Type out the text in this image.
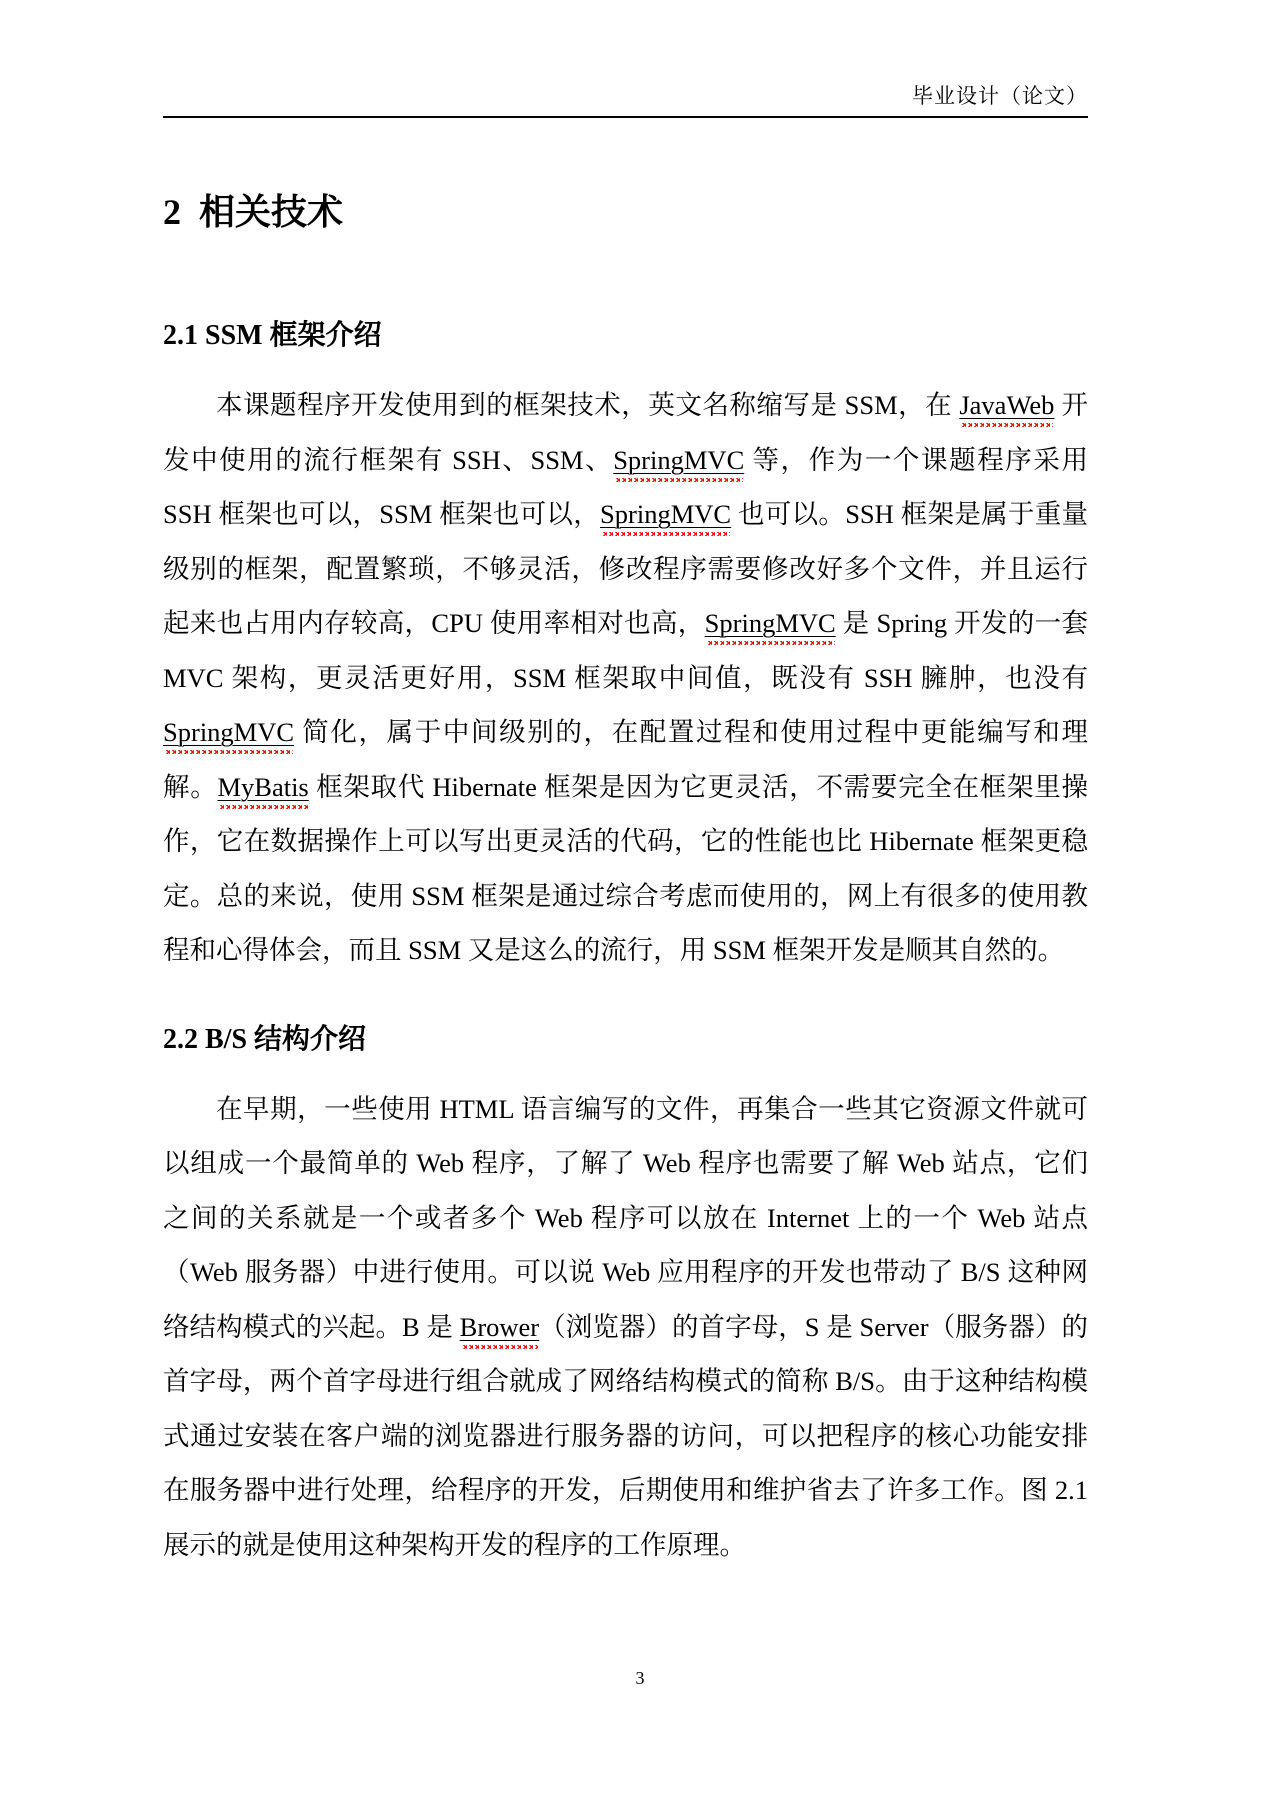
毕业设计（论文）
2  相关技术
2.1 SSM 框架介绍

本课题程序开发使用到的框架技术，英文名称缩写是 SSM，在 JavaWeb 开发中使用的流行框架有 SSH、SSM、SpringMVC 等，作为一个课题程序采用 SSH 框架也可以，SSM 框架也可以，SpringMVC 也可以。SSH 框架是属于重量级别的框架，配置繁琐，不够灵活，修改程序需要修改好多个文件，并且运行起来也占用内存较高，CPU 使用率相对也高，SpringMVC 是 Spring 开发的一套 MVC 架构，更灵活更好用，SSM 框架取中间值，既没有 SSH 臃肿，也没有 SpringMVC 简化，属于中间级别的，在配置过程和使用过程中更能编写和理解。MyBatis 框架取代 Hibernate 框架是因为它更灵活，不需要完全在框架里操作，它在数据操作上可以写出更灵活的代码，它的性能也比 Hibernate 框架更稳定。总的来说，使用 SSM 框架是通过综合考虑而使用的，网上有很多的使用教程和心得体会，而且 SSM 又是这么的流行，用 SSM 框架开发是顺其自然的。

2.2 B/S 结构介绍

在早期，一些使用 HTML 语言编写的文件，再集合一些其它资源文件就可以组成一个最简单的 Web 程序，了解了 Web 程序也需要了解 Web 站点，它们之间的关系就是一个或者多个 Web 程序可以放在 Internet 上的一个 Web 站点（Web 服务器）中进行使用。可以说 Web 应用程序的开发也带动了 B/S 这种网络结构模式的兴起。B 是 Brower（浏览器）的首字母，S 是 Server（服务器）的首字母，两个首字母进行组合就成了网络结构模式的简称 B/S。由于这种结构模式通过安装在客户端的浏览器进行服务器的访问，可以把程序的核心功能安排在服务器中进行处理，给程序的开发，后期使用和维护省去了许多工作。图 2.1 展示的就是使用这种架构开发的程序的工作原理。

3
